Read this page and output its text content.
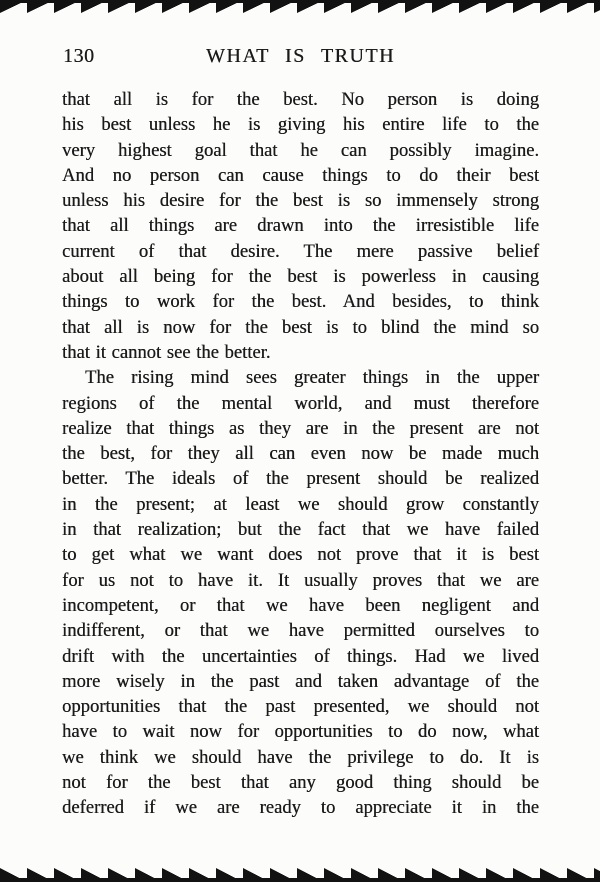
130	WHAT IS TRUTH
that all is for the best. No person is doing
his best unless he is giving his entire life to the
very highest goal that he can possibly imagine.
And no person can cause things to do their best
unless his desire for the best is so immensely strong
that all things are drawn into the irresistible life
current of that desire. The mere passive belief
about all being for the best is powerless in causing
things to work for the best. And besides, to think
that all is now for the best is to blind the mind so
that it cannot see the better.
The rising mind sees greater things in the upper
regions of the mental world, and must therefore
realize that things as they are in the present are not
the best, for they all can even now be made much
better. The ideals of the present should be realized
in the present; at least we should grow constantly
in that realization; but the fact that we have failed
to get what we want does not prove that it is best
for us not to have it. It usually proves that we are
incompetent, or that we have been negligent and
indifferent, or that we have permitted ourselves to
drift with the uncertainties of things. Had we lived
more wisely in the past and taken advantage of the
opportunities that the past presented, we should not
have to wait now for opportunities to do now, what
we think we should have the privilege to do. It is
not for the best that any good thing should be
deferred if we are ready to appreciate it in the
